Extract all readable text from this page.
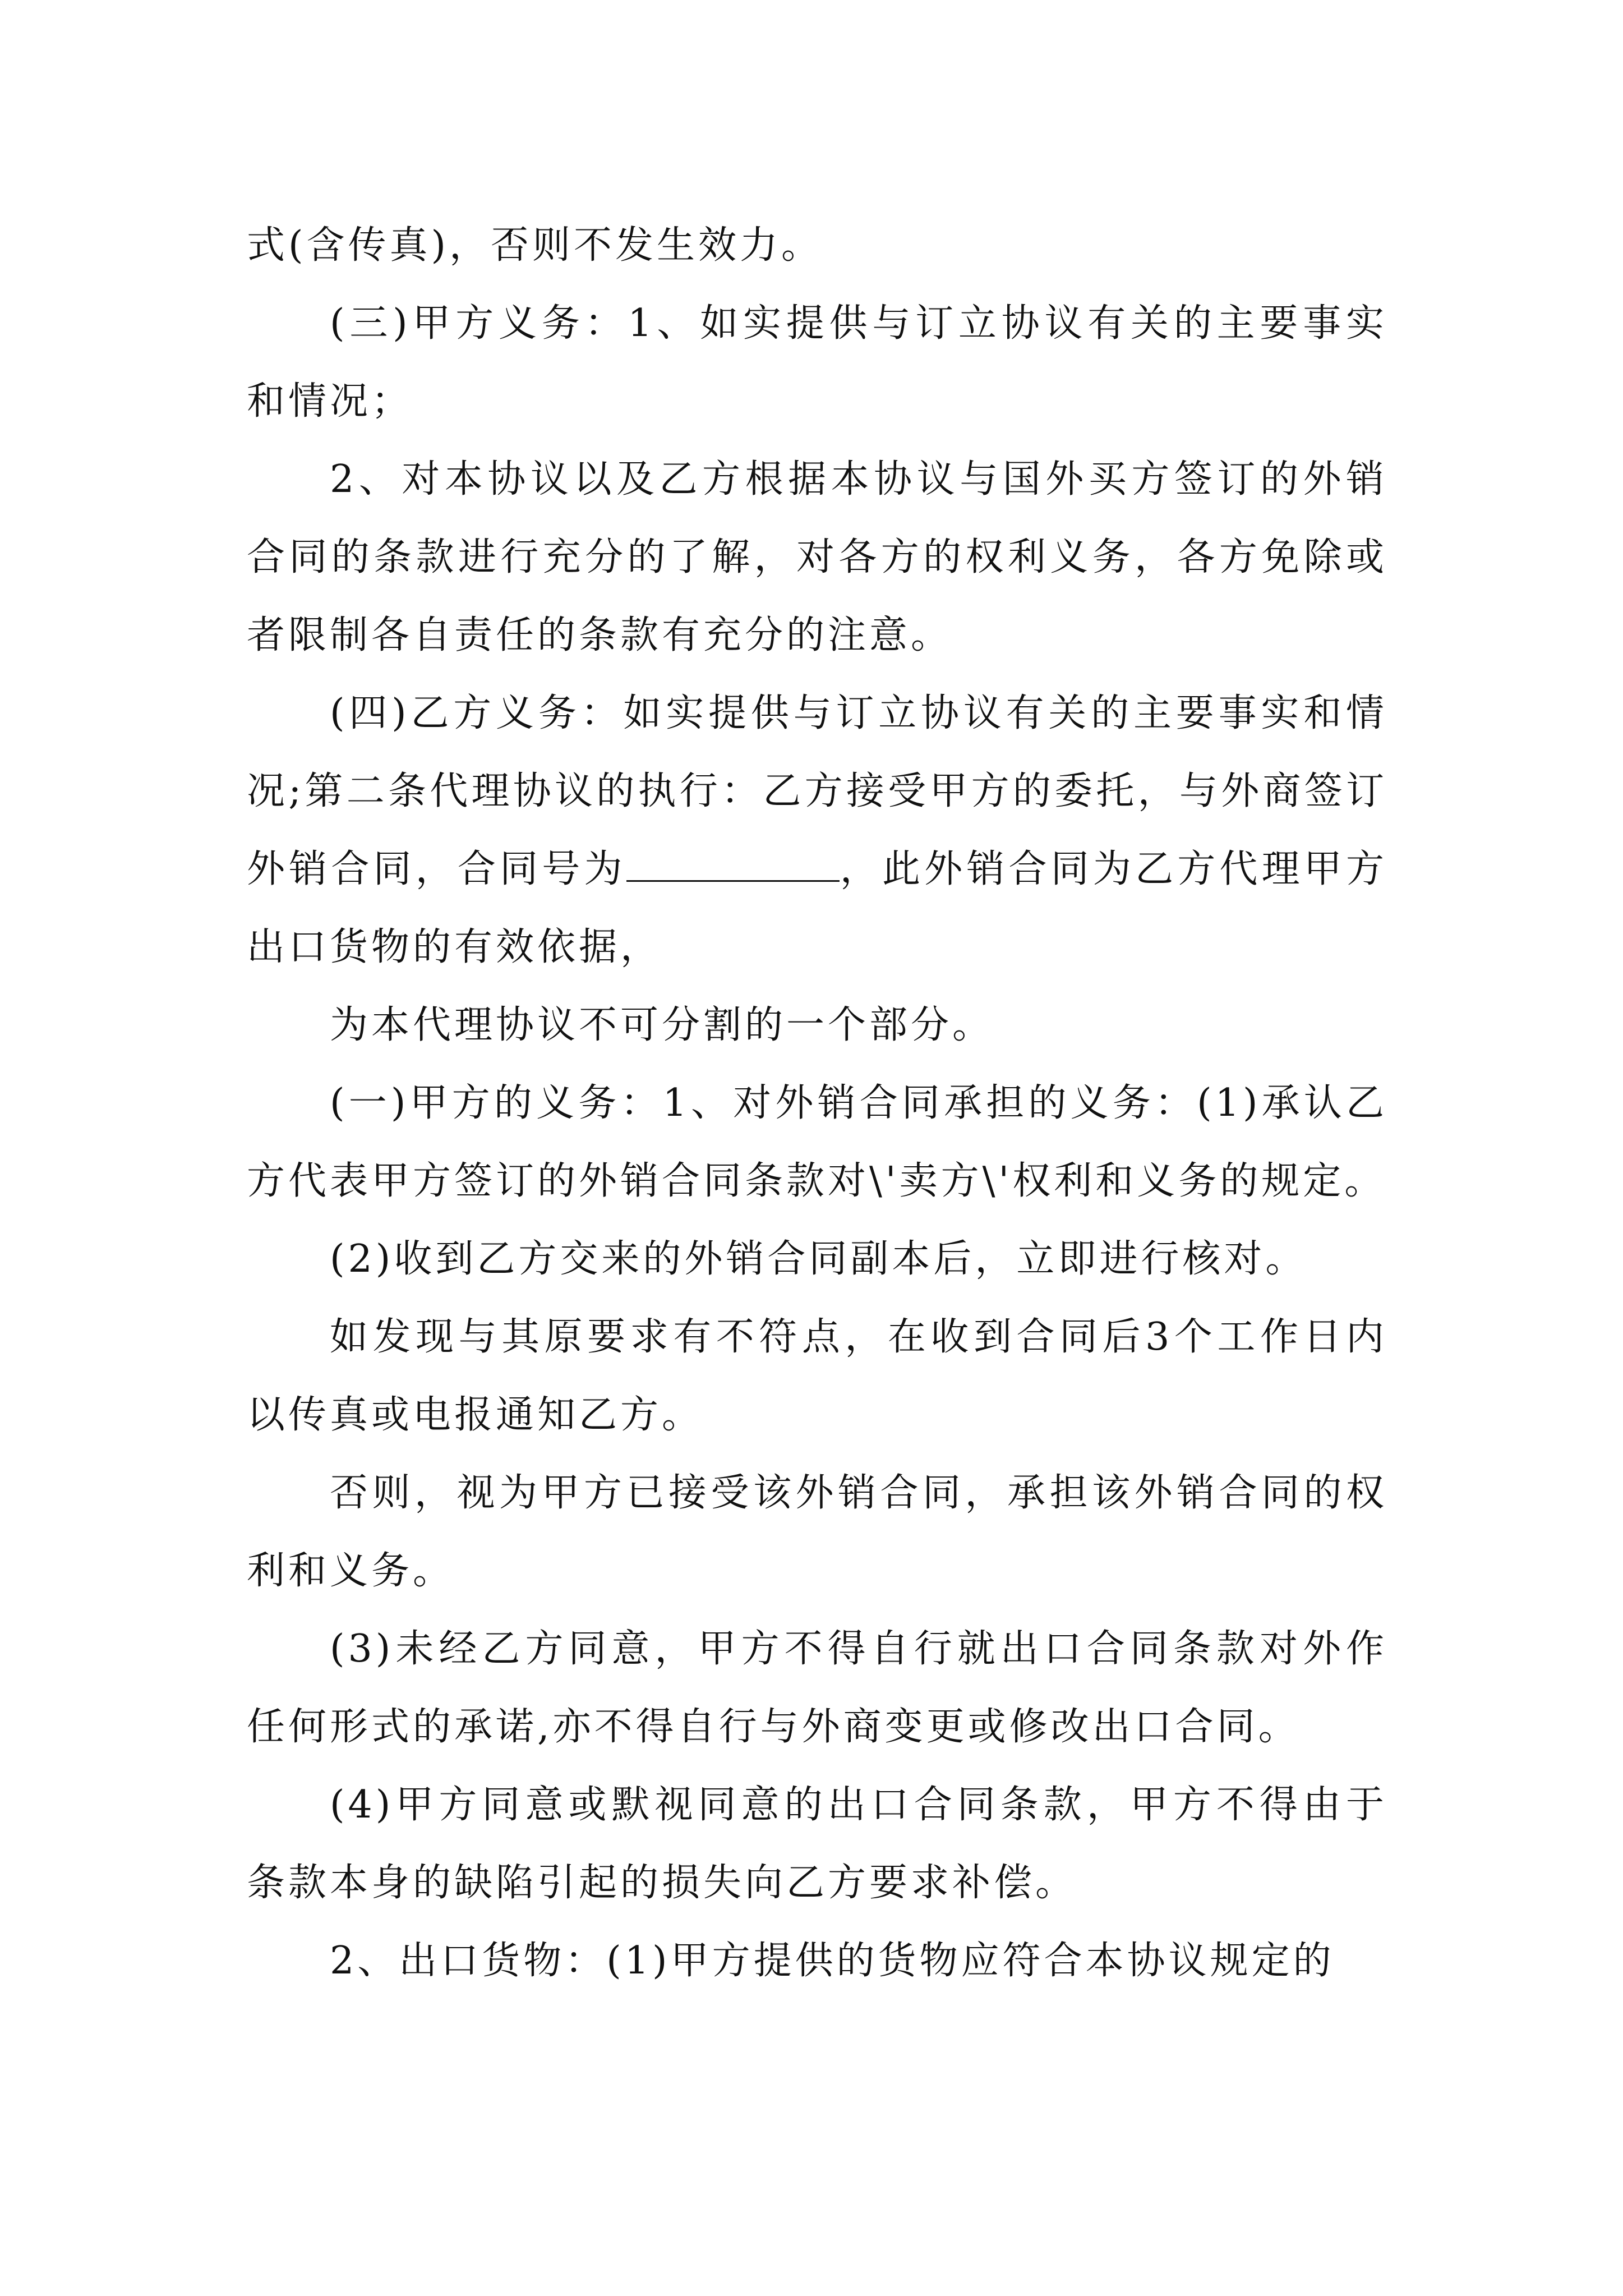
式(含传真)，否则不发生效力。

(三)甲方义务：1、如实提供与订立协议有关的主要事实和情况；

2、对本协议以及乙方根据本协议与国外买方签订的外销合同的条款进行充分的了解，对各方的权利义务，各方免除或者限制各自责任的条款有充分的注意。

(四)乙方义务：如实提供与订立协议有关的主要事实和情况;第二条代理协议的执行：乙方接受甲方的委托，与外商签订外销合同，合同号为	，此外销合同为乙方代理甲方出口货物的有效依据，

为本代理协议不可分割的一个部分。

(一)甲方的义务：1、对外销合同承担的义务：(1)承认乙方代表甲方签订的外销合同条款对\'卖方\'权利和义务的规定。

(2)收到乙方交来的外销合同副本后，立即进行核对。

如发现与其原要求有不符点，在收到合同后3个工作日内以传真或电报通知乙方。

否则，视为甲方已接受该外销合同，承担该外销合同的权利和义务。

(3)未经乙方同意，甲方不得自行就出口合同条款对外作任何形式的承诺,亦不得自行与外商变更或修改出口合同。

(4)甲方同意或默视同意的出口合同条款，甲方不得由于条款本身的缺陷引起的损失向乙方要求补偿。

2、出口货物：(1)甲方提供的货物应符合本协议规定的
